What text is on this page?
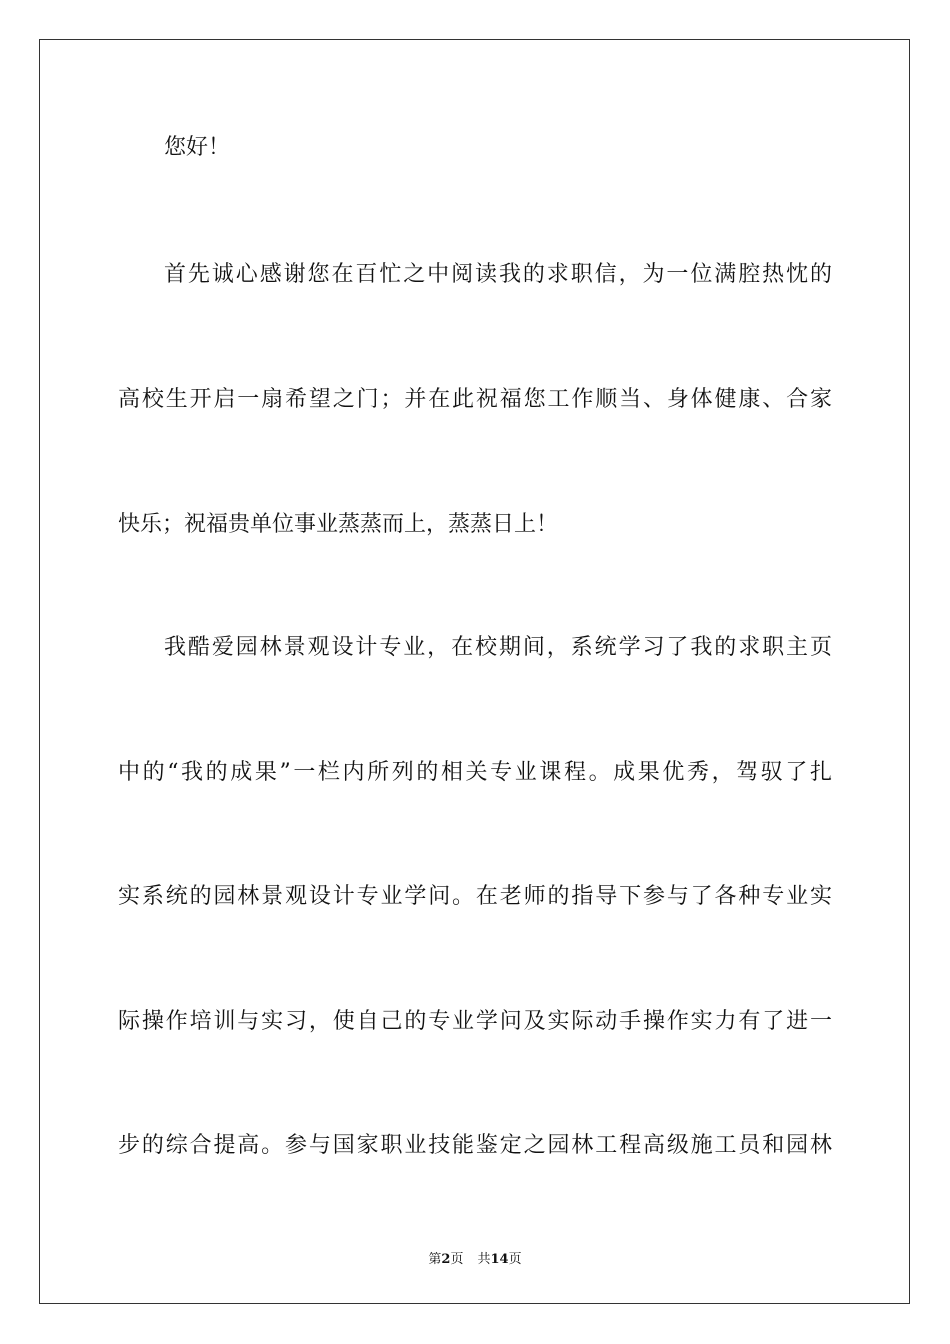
您好！
首先诚心感谢您在百忙之中阅读我的求职信，为一位满腔热忱的
高校生开启一扇希望之门；并在此祝福您工作顺当、身体健康、合家
快乐；祝福贵单位事业蒸蒸而上，蒸蒸日上！
我酷爱园林景观设计专业，在校期间，系统学习了我的求职主页
中的“我的成果”一栏内所列的相关专业课程。成果优秀，驾驭了扎
实系统的园林景观设计专业学问。在老师的指导下参与了各种专业实
际操作培训与实习，使自己的专业学问及实际动手操作实力有了进一
步的综合提高。参与国家职业技能鉴定之园林工程高级施工员和园林
第2页 共14页
